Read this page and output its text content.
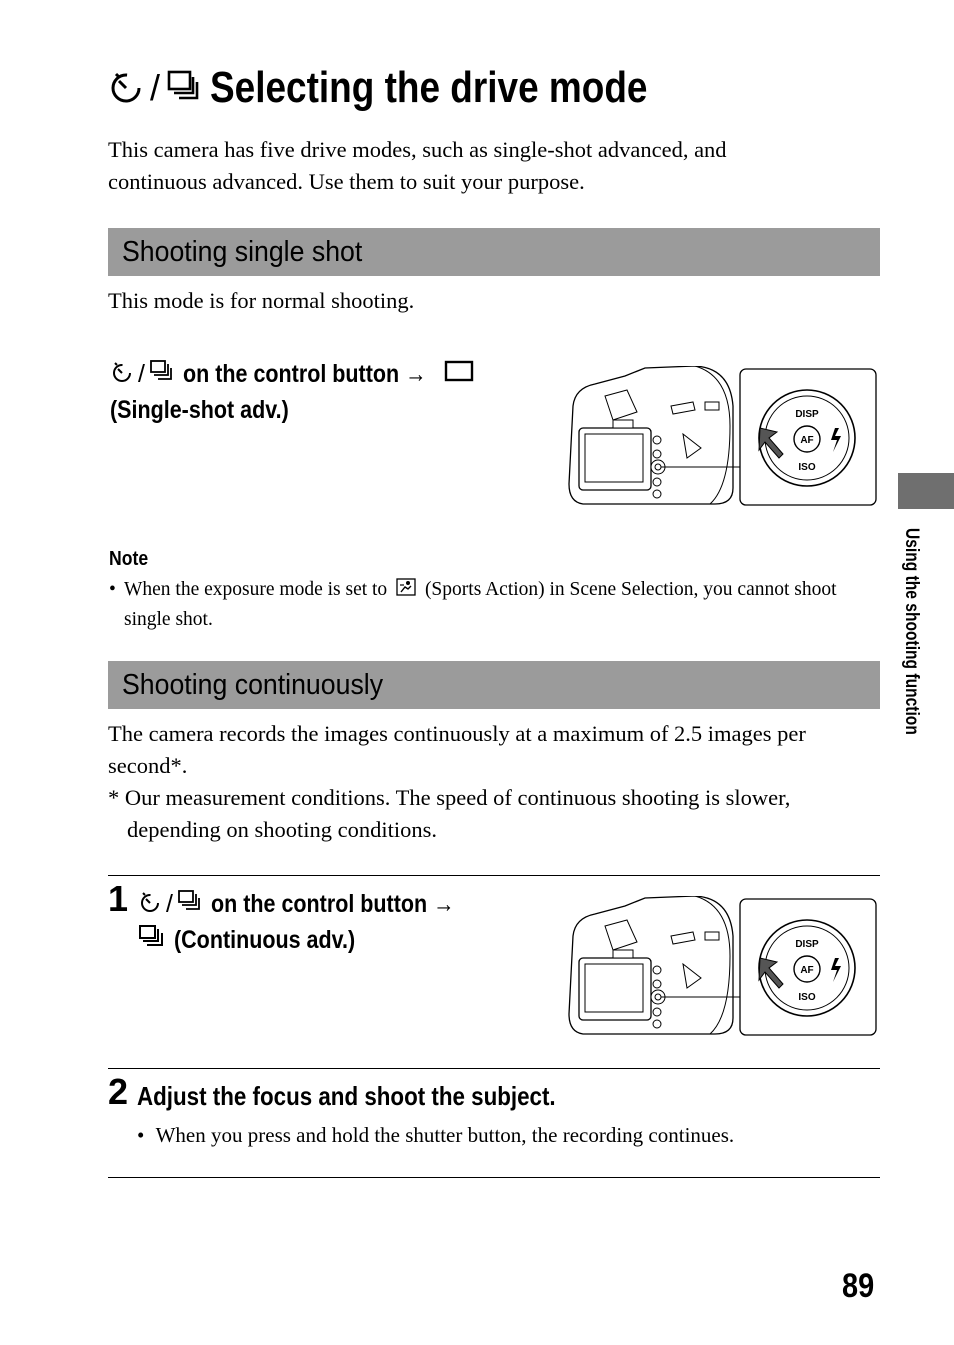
/ Selecting the drive mode
This camera has five drive modes, such as single-shot advanced, and continuous advanced. Use them to suit your purpose.
Shooting single shot
This mode is for normal shooting.
/ on the control button →
(Single-shot adv.)
AF
DISP
ISO
Note
• When the exposure mode is set to (Sports Action) in Scene Selection, you cannot shoot single shot.
Shooting continuously
The camera records the images continuously at a maximum of 2.5 images per second*.
* Our measurement conditions. The speed of continuous shooting is slower, depending on shooting conditions.
1 / on the control button →
(Continuous adv.)
AF
DISP
ISO
2 Adjust the focus and shoot the subject.
• When you press and hold the shutter button, the recording continues.
Using the shooting function
89
